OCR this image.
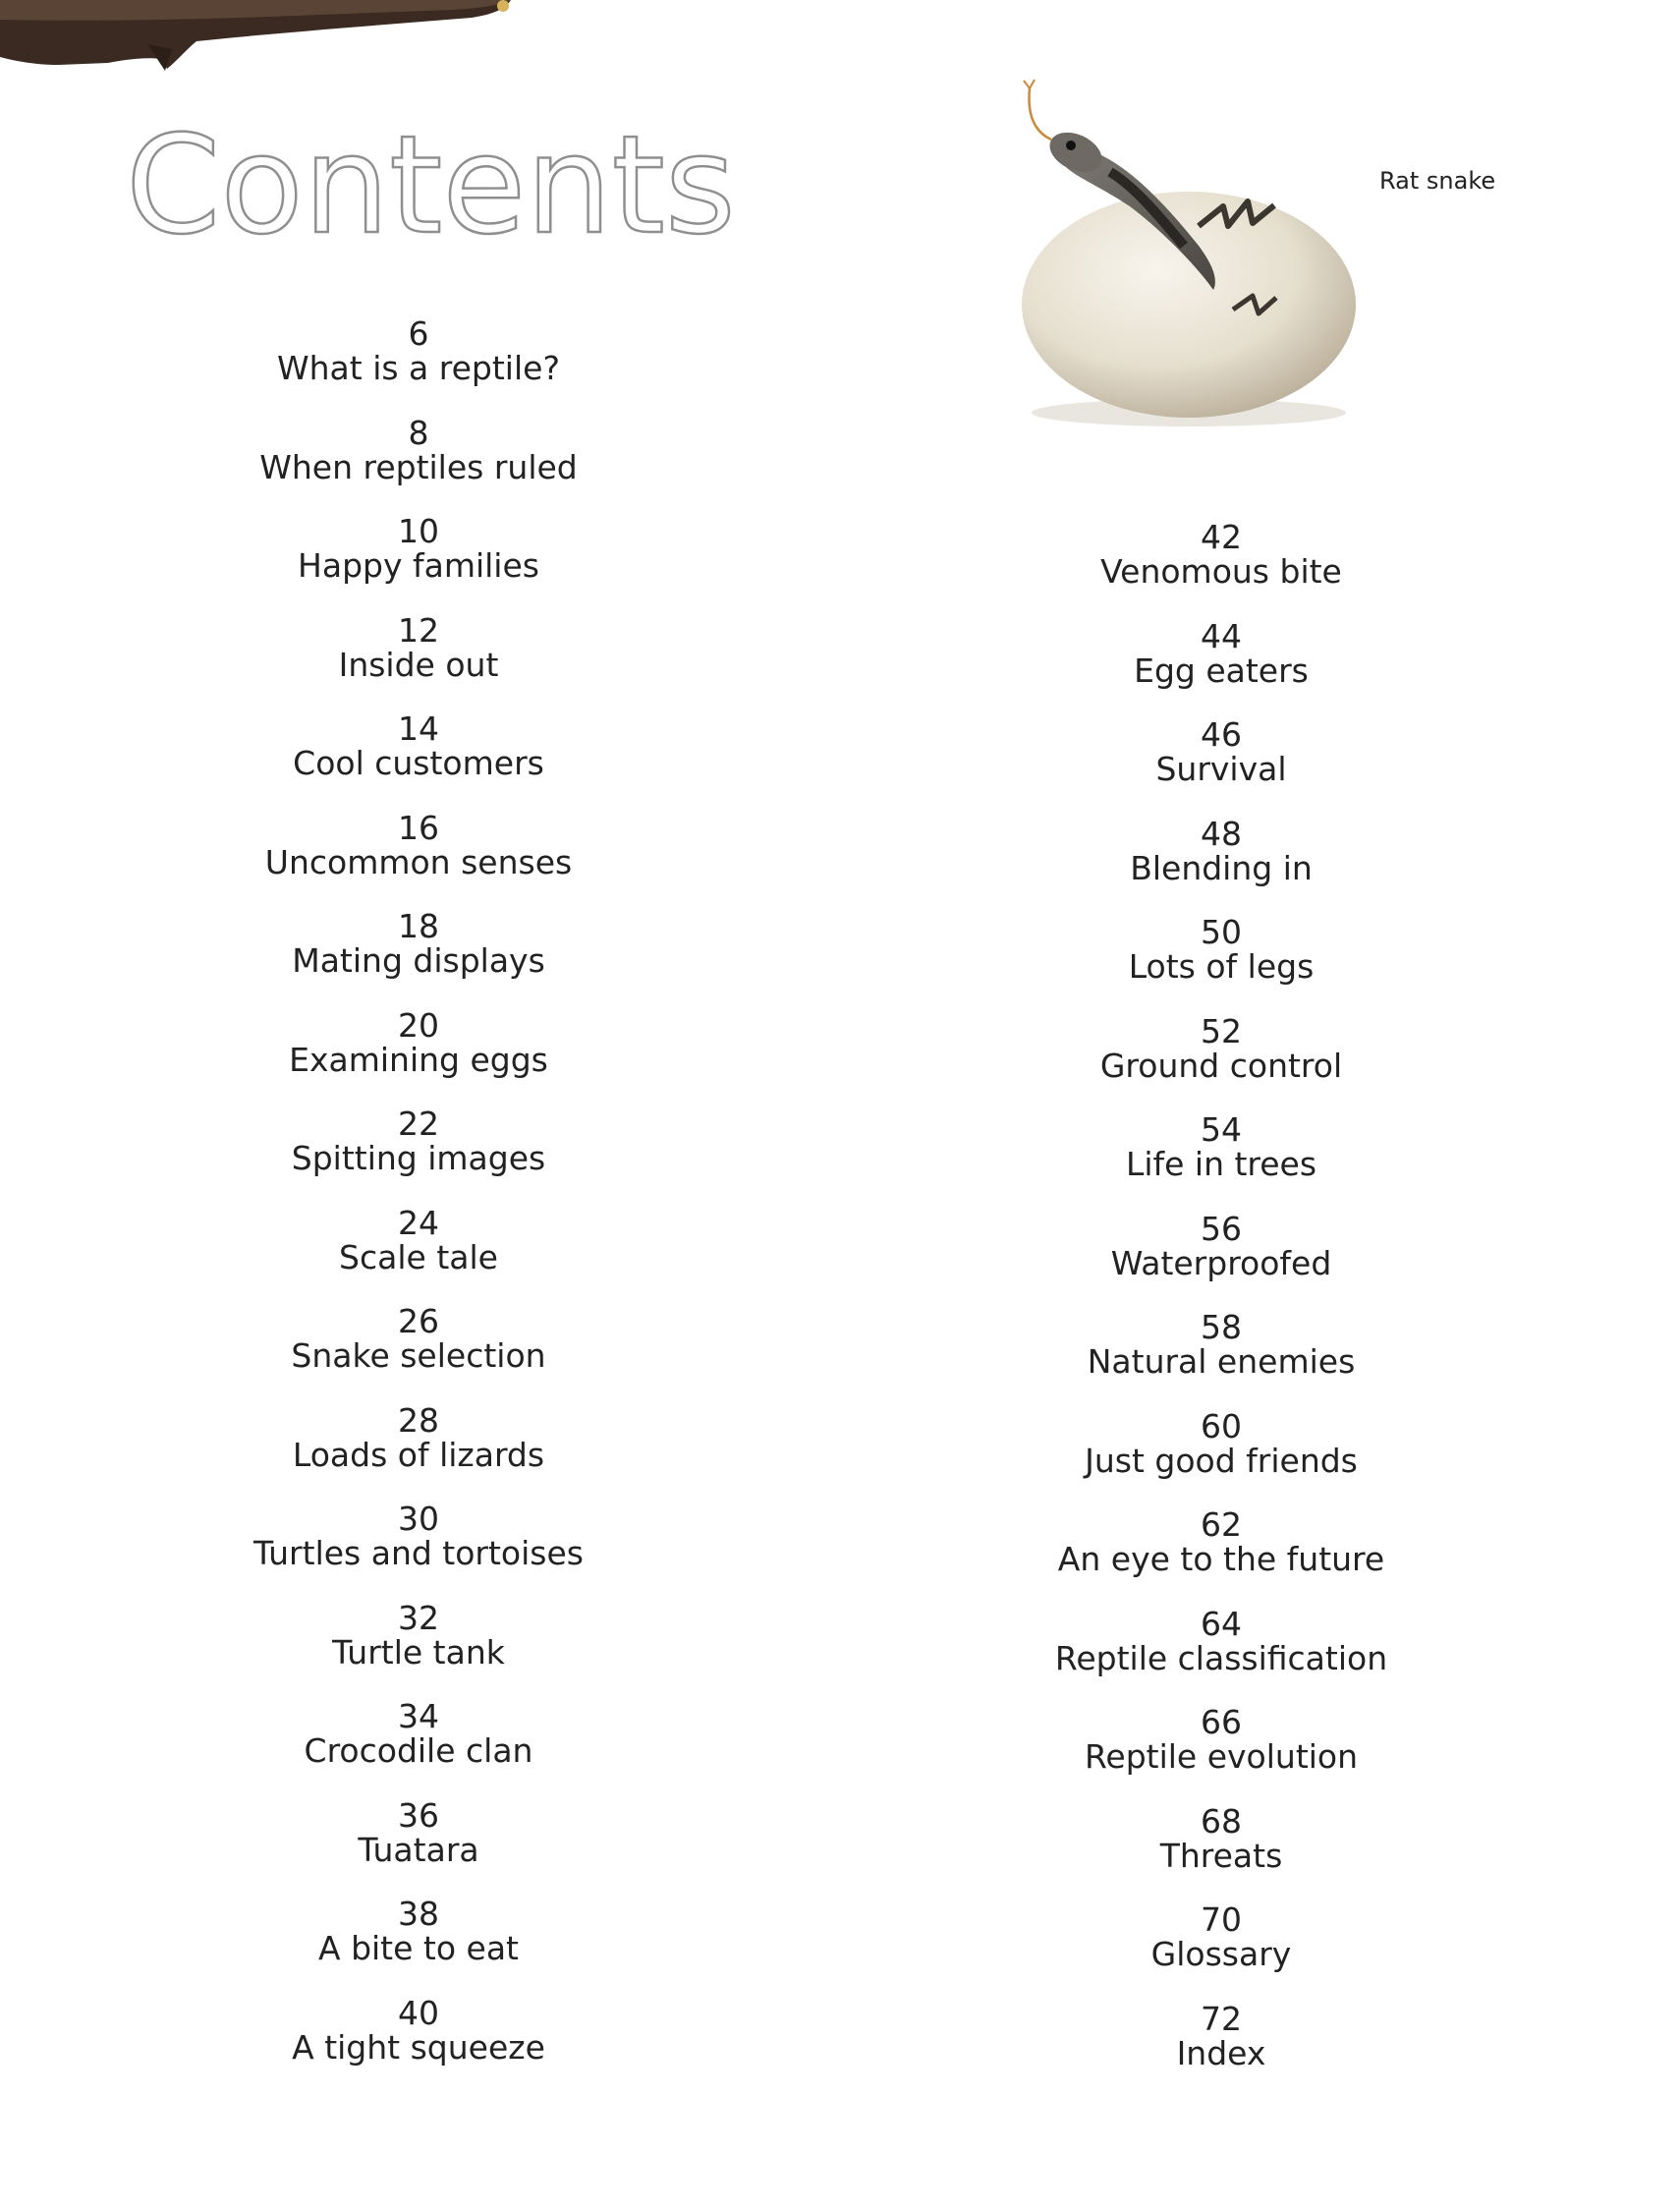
Contents	Rat snake
6
What is a reptile?
8
When reptiles ruled
10
Happy families
12
Inside out
14
Cool customers
16
Uncommon senses
18
Mating displays
20
Examining eggs
22
Spitting images
24
Scale tale
26
Snake selection
28
Loads of lizards
30
Turtles and tortoises
32
Turtle tank
34
Crocodile clan
36
Tuatara
38
A bite to eat
40
A tight squeeze
42
Venomous bite
44
Egg eaters
46
Survival
48
Blending in
50
Lots of legs
52
Ground control
54
Life in trees
56
Waterproofed
58
Natural enemies
60
Just good friends
62
An eye to the future
64
Reptile classification
66
Reptile evolution
68
Threats
70
Glossary
72
Index
